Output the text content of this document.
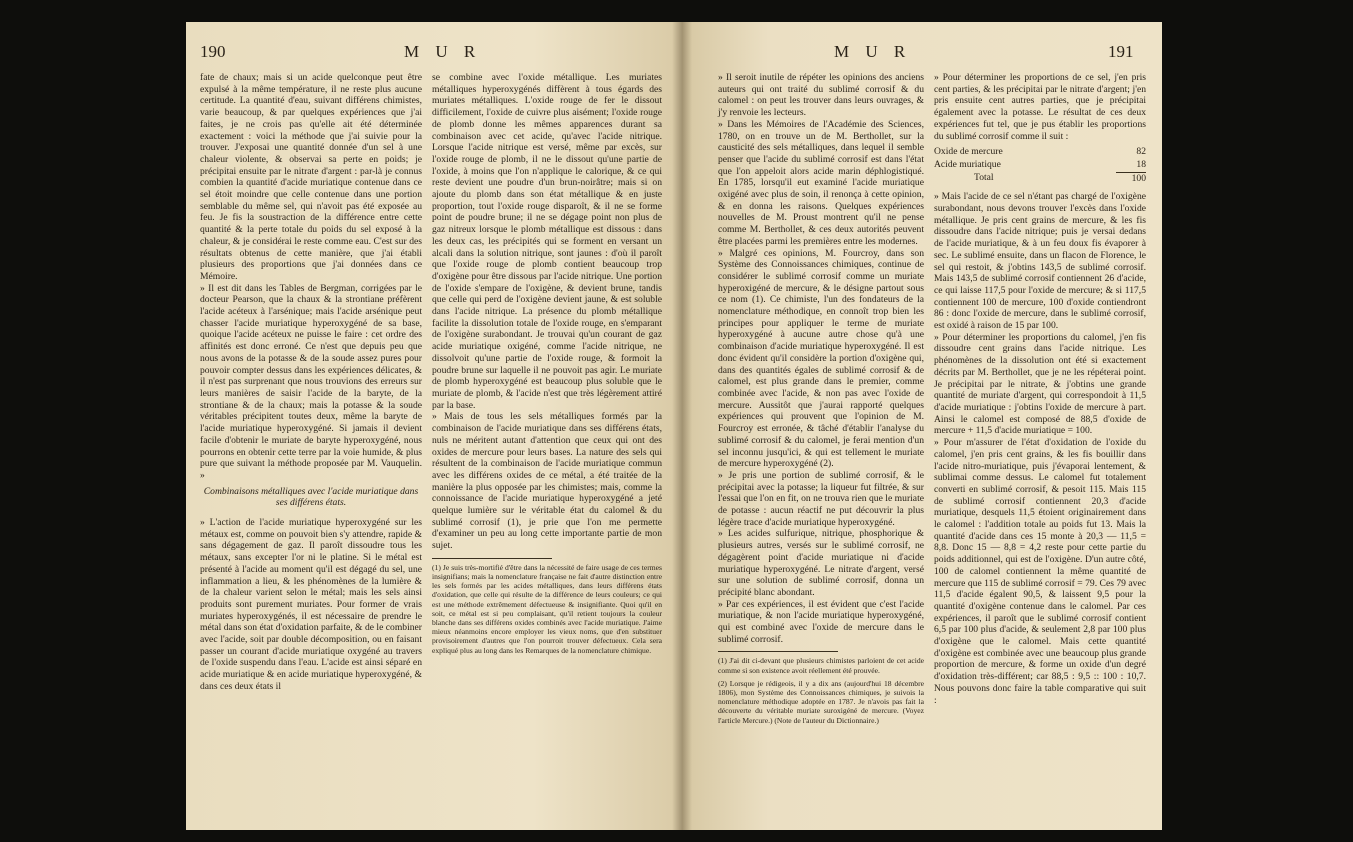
190	M U R

fate de chaux; mais si un acide quelconque peut être expulsé à la même température, il ne reste plus aucune certitude. La quantité d'eau, suivant différens chimistes, varie beaucoup, & par quelques expériences que j'ai faites, je ne crois pas qu'elle ait été déterminée exactement : voici la méthode que j'ai suivie pour la trouver. J'exposai une quantité donnée d'un sel à une chaleur violente, & observai sa perte en poids; je précipitai ensuite par le nitrate d'argent : par-là je connus combien la quantité d'acide muriatique contenue dans ce sel étoit moindre que celle contenue dans une portion semblable du même sel, qui n'avoit pas été exposée au feu. Je fis la soustraction de la différence entre cette quantité & la perte totale du poids du sel exposé à la chaleur, & je considérai le reste comme eau. C'est sur des résultats obtenus de cette manière, que j'ai établi plusieurs des proportions que j'ai données dans ce Mémoire.

» Il est dit dans les Tables de Bergman, corrigées par le docteur Pearson, que la chaux & la strontiane préfèrent l'acide acéteux à l'arsénique; mais l'acide arsénique peut chasser l'acide muriatique hyperoxygéné de sa base, quoique l'acide acéteux ne puisse le faire : cet ordre des affinités est donc erroné. Ce n'est que depuis peu que nous avons de la potasse & de la soude assez pures pour pouvoir compter dessus dans les expériences délicates, & il n'est pas surprenant que nous trouvions des erreurs sur leurs manières de saisir l'acide de la baryte, de la strontiane & de la chaux; mais la potasse & la soude véritables précipitent toutes deux, même la baryte de l'acide muriatique hyperoxygéné. Si jamais il devient facile d'obtenir le muriate de baryte hyperoxygéné, nous pourrons en obtenir cette terre par la voie humide, & plus pure que suivant la méthode proposée par M. Vauquelin. »

Combinaisons métalliques avec l'acide muriatique dans ses différens états.

» L'action de l'acide muriatique hyperoxygéné sur les métaux est, comme on pouvoit bien s'y attendre, rapide & sans dégagement de gaz. Il paroît dissoudre tous les métaux, sans excepter l'or ni le platine. Si le métal est présenté à l'acide au moment qu'il est dégagé du sel, une inflammation a lieu, & les phénomènes de la lumière & de la chaleur varient selon le métal; mais les sels ainsi produits sont purement muriates. Pour former de vrais muriates hyperoxygénés, il est nécessaire de prendre le métal dans son état d'oxidation parfaite, & de le combiner avec l'acide, soit par double décomposition, ou en faisant passer un courant d'acide muriatique oxygéné au travers de l'oxide suspendu dans l'eau. L'acide est ainsi séparé en acide muriatique & en acide muriatique hyperoxygéné, & dans ces deux états il

se combine avec l'oxide métallique. Les muriates métalliques hyperoxygénés diffèrent à tous égards des muriates métalliques. L'oxide rouge de fer le dissout difficilement, l'oxide de cuivre plus aisément; l'oxide rouge de plomb donne les mêmes apparences durant sa combinaison avec cet acide, qu'avec l'acide nitrique. Lorsque l'acide nitrique est versé, même par excès, sur l'oxide rouge de plomb, il ne le dissout qu'une partie de l'oxide, à moins que l'on n'applique le calorique, & ce qui reste devient une poudre d'un brun-noirâtre; mais si on ajoute du plomb dans son état métallique & en juste proportion, tout l'oxide rouge disparoît, & il ne se forme point de poudre brune; il ne se dégage point non plus de gaz nitreux lorsque le plomb métallique est dissous : dans les deux cas, les précipités qui se forment en versant un alcali dans la solution nitrique, sont jaunes : d'où il paroît que l'oxide rouge de plomb contient beaucoup trop d'oxigène pour être dissous par l'acide nitrique. Une portion de l'oxide s'empare de l'oxigène, & devient brune, tandis que celle qui perd de l'oxigène devient jaune, & est soluble dans l'acide nitrique. La présence du plomb métallique facilite la dissolution totale de l'oxide rouge, en s'emparant de l'oxigène surabondant. Je trouvai qu'un courant de gaz acide muriatique oxigéné, comme l'acide nitrique, ne dissolvoit qu'une partie de l'oxide rouge, & formoit la poudre brune sur laquelle il ne pouvoit pas agir. Le muriate de plomb hyperoxygéné est beaucoup plus soluble que le muriate de plomb, & l'acide n'est que très légèrement attiré par la base.

» Mais de tous les sels métalliques formés par la combinaison de l'acide muriatique dans ses différens états, nuls ne méritent autant d'attention que ceux qui ont des oxides de mercure pour leurs bases. La nature des sels qui résultent de la combinaison de l'acide muriatique commun avec les différens oxides de ce métal, a été traitée de la manière la plus opposée par les chimistes; mais, comme la connoissance de l'acide muriatique hyperoxygéné a jeté quelque lumière sur le véritable état du calomel & du sublimé corrosif (1), je prie que l'on me permette d'examiner un peu au long cette importante partie de mon sujet.

(1) Je suis très-mortifié d'être dans la nécessité de faire usage de ces termes insignifians; mais la nomenclature française ne fait d'autre distinction entre les sels formés par les acides métalliques, dans leurs différens états d'oxidation, que celle qui résulte de la différence de leurs couleurs; ce qui est une méthode extrêmement défectueuse & insignifiante. Quoi qu'il en soit, ce métal est si peu complaisant, qu'il retient toujours la couleur blanche dans ses différens oxides combinés avec l'acide muriatique. J'aime mieux néanmoins encore employer les vieux noms, que d'en substituer provisoirement d'autres que l'on pourroit trouver défectueux. Cela sera expliqué plus au long dans les Remarques de la nomenclature chimique.

M U R	191

» Il seroit inutile de répéter les opinions des anciens auteurs qui ont traité du sublimé corrosif & du calomel : on peut les trouver dans leurs ouvrages, & j'y renvoie les lecteurs.

» Dans les Mémoires de l'Académie des Sciences, 1780, on en trouve un de M. Berthollet, sur la causticité des sels métalliques, dans lequel il semble penser que l'acide du sublimé corrosif est dans l'état que l'on appeloit alors acide marin déphlogistiqué. En 1785, lorsqu'il eut examiné l'acide muriatique oxigéné avec plus de soin, il renonça à cette opinion, & en donna les raisons. Quelques expériences nouvelles de M. Proust montrent qu'il ne pense comme M. Berthollet, & ces deux autorités peuvent être placées parmi les premières entre les modernes.

» Malgré ces opinions, M. Fourcroy, dans son Système des Connoissances chimiques, continue de considérer le sublimé corrosif comme un muriate hyperoxigéné de mercure, & le désigne partout sous ce nom (1). Ce chimiste, l'un des fondateurs de la nomenclature méthodique, en connoît trop bien les principes pour appliquer le terme de muriate hyperoxygéné à aucune autre chose qu'à une combinaison d'acide muriatique hyperoxygéné. Il est donc évident qu'il considère la portion d'oxigène qui, dans des quantités égales de sublimé corrosif & de calomel, est plus grande dans le premier, comme combinée avec l'acide, & non pas avec l'oxide de mercure. Aussitôt que j'aurai rapporté quelques expériences qui prouvent que l'opinion de M. Fourcroy est erronée, & tâché d'établir l'analyse du sublimé corrosif & du calomel, je ferai mention d'un sel inconnu jusqu'ici, & qui est tellement le muriate de mercure hyperoxygéné (2).

» Je pris une portion de sublimé corrosif, & le précipitai avec la potasse; la liqueur fut filtrée, & sur l'essai que l'on en fit, on ne trouva rien que le muriate de potasse : aucun réactif ne put découvrir la plus légère trace d'acide muriatique hyperoxygéné.

» Les acides sulfurique, nitrique, phosphorique & plusieurs autres, versés sur le sublimé corrosif, ne dégagèrent point d'acide muriatique ni d'acide muriatique hyperoxygéné. Le nitrate d'argent, versé sur une solution de sublimé corrosif, donna un précipité blanc abondant.

» Par ces expériences, il est évident que c'est l'acide muriatique, & non l'acide muriatique hyperoxygéné, qui est combiné avec l'oxide de mercure dans le sublimé corrosif.

(1) J'ai dit ci-devant que plusieurs chimistes parloient de cet acide comme si son existence avoit réellement été prouvée.

(2) Lorsque je rédigeois, il y a dix ans (aujourd'hui 18 décembre 1806), mon Système des Connoissances chimiques, je suivois la nomenclature méthodique adoptée en 1787. Je n'avois pas fait la découverte du véritable muriate suroxigéné de mercure. (Voyez l'article Mercure.) (Note de l'auteur du Dictionnaire.)

» Pour déterminer les proportions de ce sel, j'en pris cent parties, & les précipitai par le nitrate d'argent; j'en pris ensuite cent autres parties, que je précipitai également avec la potasse. Le résultat de ces deux expériences fut tel, que je pus établir les proportions du sublimé corrosif comme il suit :

Oxide de mercure	82
Acide muriatique	18
Total	100

» Mais l'acide de ce sel n'étant pas chargé de l'oxigène surabondant, nous devons trouver l'excès dans l'oxide métallique. Je pris cent grains de mercure, & les fis dissoudre dans l'acide nitrique; puis je versai dedans de l'acide muriatique, & à un feu doux fis évaporer à sec. Le sublimé ensuite, dans un flacon de Florence, le sel qui restoit, & j'obtins 143,5 de sublimé corrosif. Mais 143,5 de sublimé corrosif contiennent 26 d'acide, ce qui laisse 117,5 pour l'oxide de mercure; & si 117,5 contiennent 100 de mercure, 100 d'oxide contiendront 86 : donc l'oxide de mercure, dans le sublimé corrosif, est oxidé à raison de 15 par 100.

» Pour déterminer les proportions du calomel, j'en fis dissoudre cent grains dans l'acide nitrique. Les phénomènes de la dissolution ont été si exactement décrits par M. Berthollet, que je ne les répéterai point. Je précipitai par le nitrate, & j'obtins une grande quantité de muriate d'argent, qui correspondoit à 11,5 d'acide muriatique : j'obtins l'oxide de mercure à part. Ainsi le calomel est composé de 88,5 d'oxide de mercure + 11,5 d'acide muriatique = 100.

» Pour m'assurer de l'état d'oxidation de l'oxide du calomel, j'en pris cent grains, & les fis bouillir dans l'acide nitro-muriatique, puis j'évaporai lentement, & sublimai comme dessus. Le calomel fut totalement converti en sublimé corrosif, & pesoit 115. Mais 115 de sublimé corrosif contiennent 20,3 d'acide muriatique, desquels 11,5 étoient originairement dans le calomel : l'addition totale au poids fut 13. Mais la quantité d'acide dans ces 15 monte à 20,3 — 11,5 = 8,8. Donc 15 — 8,8 = 4,2 reste pour cette partie du poids additionnel, qui est de l'oxigène. D'un autre côté, 100 de calomel contiennent la même quantité de mercure que 115 de sublimé corrosif = 79. Ces 79 avec 11,5 d'acide égalent 90,5, & laissent 9,5 pour la quantité d'oxigène contenue dans le calomel. Par ces expériences, il paroît que le sublimé corrosif contient 6,5 par 100 plus d'acide, & seulement 2,8 par 100 plus d'oxigène que le calomel. Mais cette quantité d'oxigène est combinée avec une beaucoup plus grande proportion de mercure, & forme un oxide d'un degré d'oxidation très-différent; car 88,5 : 9,5 :: 100 : 10,7. Nous pouvons donc faire la table comparative qui suit :
